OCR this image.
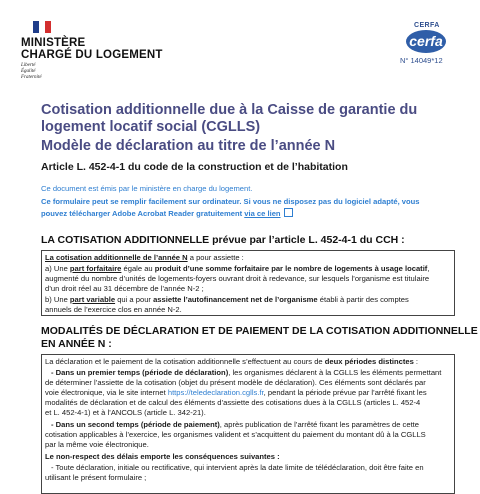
MINISTÈRE
CHARGÉ DU LOGEMENT
Liberté
Égalité
Fraternité
CERFA
cerfa
N° 14049*12
Cotisation additionnelle due à la Caisse de garantie du
logement locatif social (CGLLS)
Modèle de déclaration au titre de l’année N
Article L. 452-4-1 du code de la construction et de l’habitation
Ce document est émis par le ministère en charge du logement.
Ce formulaire peut se remplir facilement sur ordinateur. Si vous ne disposez pas du logiciel adapté, vous
pouvez télécharger Adobe Acrobat Reader gratuitement via ce lien
LA COTISATION ADDITIONNELLE prévue par l’article L. 452-4-1 du CCH :
La cotisation additionnelle de l’année N a pour assiette :
a) Une part forfaitaire égale au produit d’une somme forfaitaire par le nombre de logements à usage locatif,
augmenté du nombre d’unités de logements-foyers ouvrant droit à redevance, sur lesquels l’organisme est titulaire
d’un droit réel au 31 décembre de l’année N-2 ;
b) Une part variable qui a pour assiette l’autofinancement net de l’organisme établi à partir des comptes
annuels de l’exercice clos en année N-2.
MODALITÉS DE DÉCLARATION ET DE PAIEMENT DE LA COTISATION ADDITIONNELLE
EN ANNÉE N :
La déclaration et le paiement de la cotisation additionnelle s’effectuent au cours de deux périodes distinctes :
- Dans un premier temps (période de déclaration), les organismes déclarent à la CGLLS les éléments permettant
de déterminer l’assiette de la cotisation (objet du présent modèle de déclaration). Ces éléments sont déclarés par
voie électronique, via le site internet https://teledeclaration.cglls.fr, pendant la période prévue par l’arrêté fixant les
modalités de déclaration et de calcul des éléments d’assiette des cotisations dues à la CGLLS (articles L. 452-4
et L. 452-4-1) et à l’ANCOLS (article L. 342-21).
- Dans un second temps (période de paiement), après publication de l’arrêté fixant les paramètres de cette
cotisation applicables à l’exercice, les organismes valident et s’acquittent du paiement du montant dû à la CGLLS
par la même voie électronique.
Le non-respect des délais emporte les conséquences suivantes :
- Toute déclaration, initiale ou rectificative, qui intervient après la date limite de télédéclaration, doit être faite en
utilisant le présent formulaire ;
